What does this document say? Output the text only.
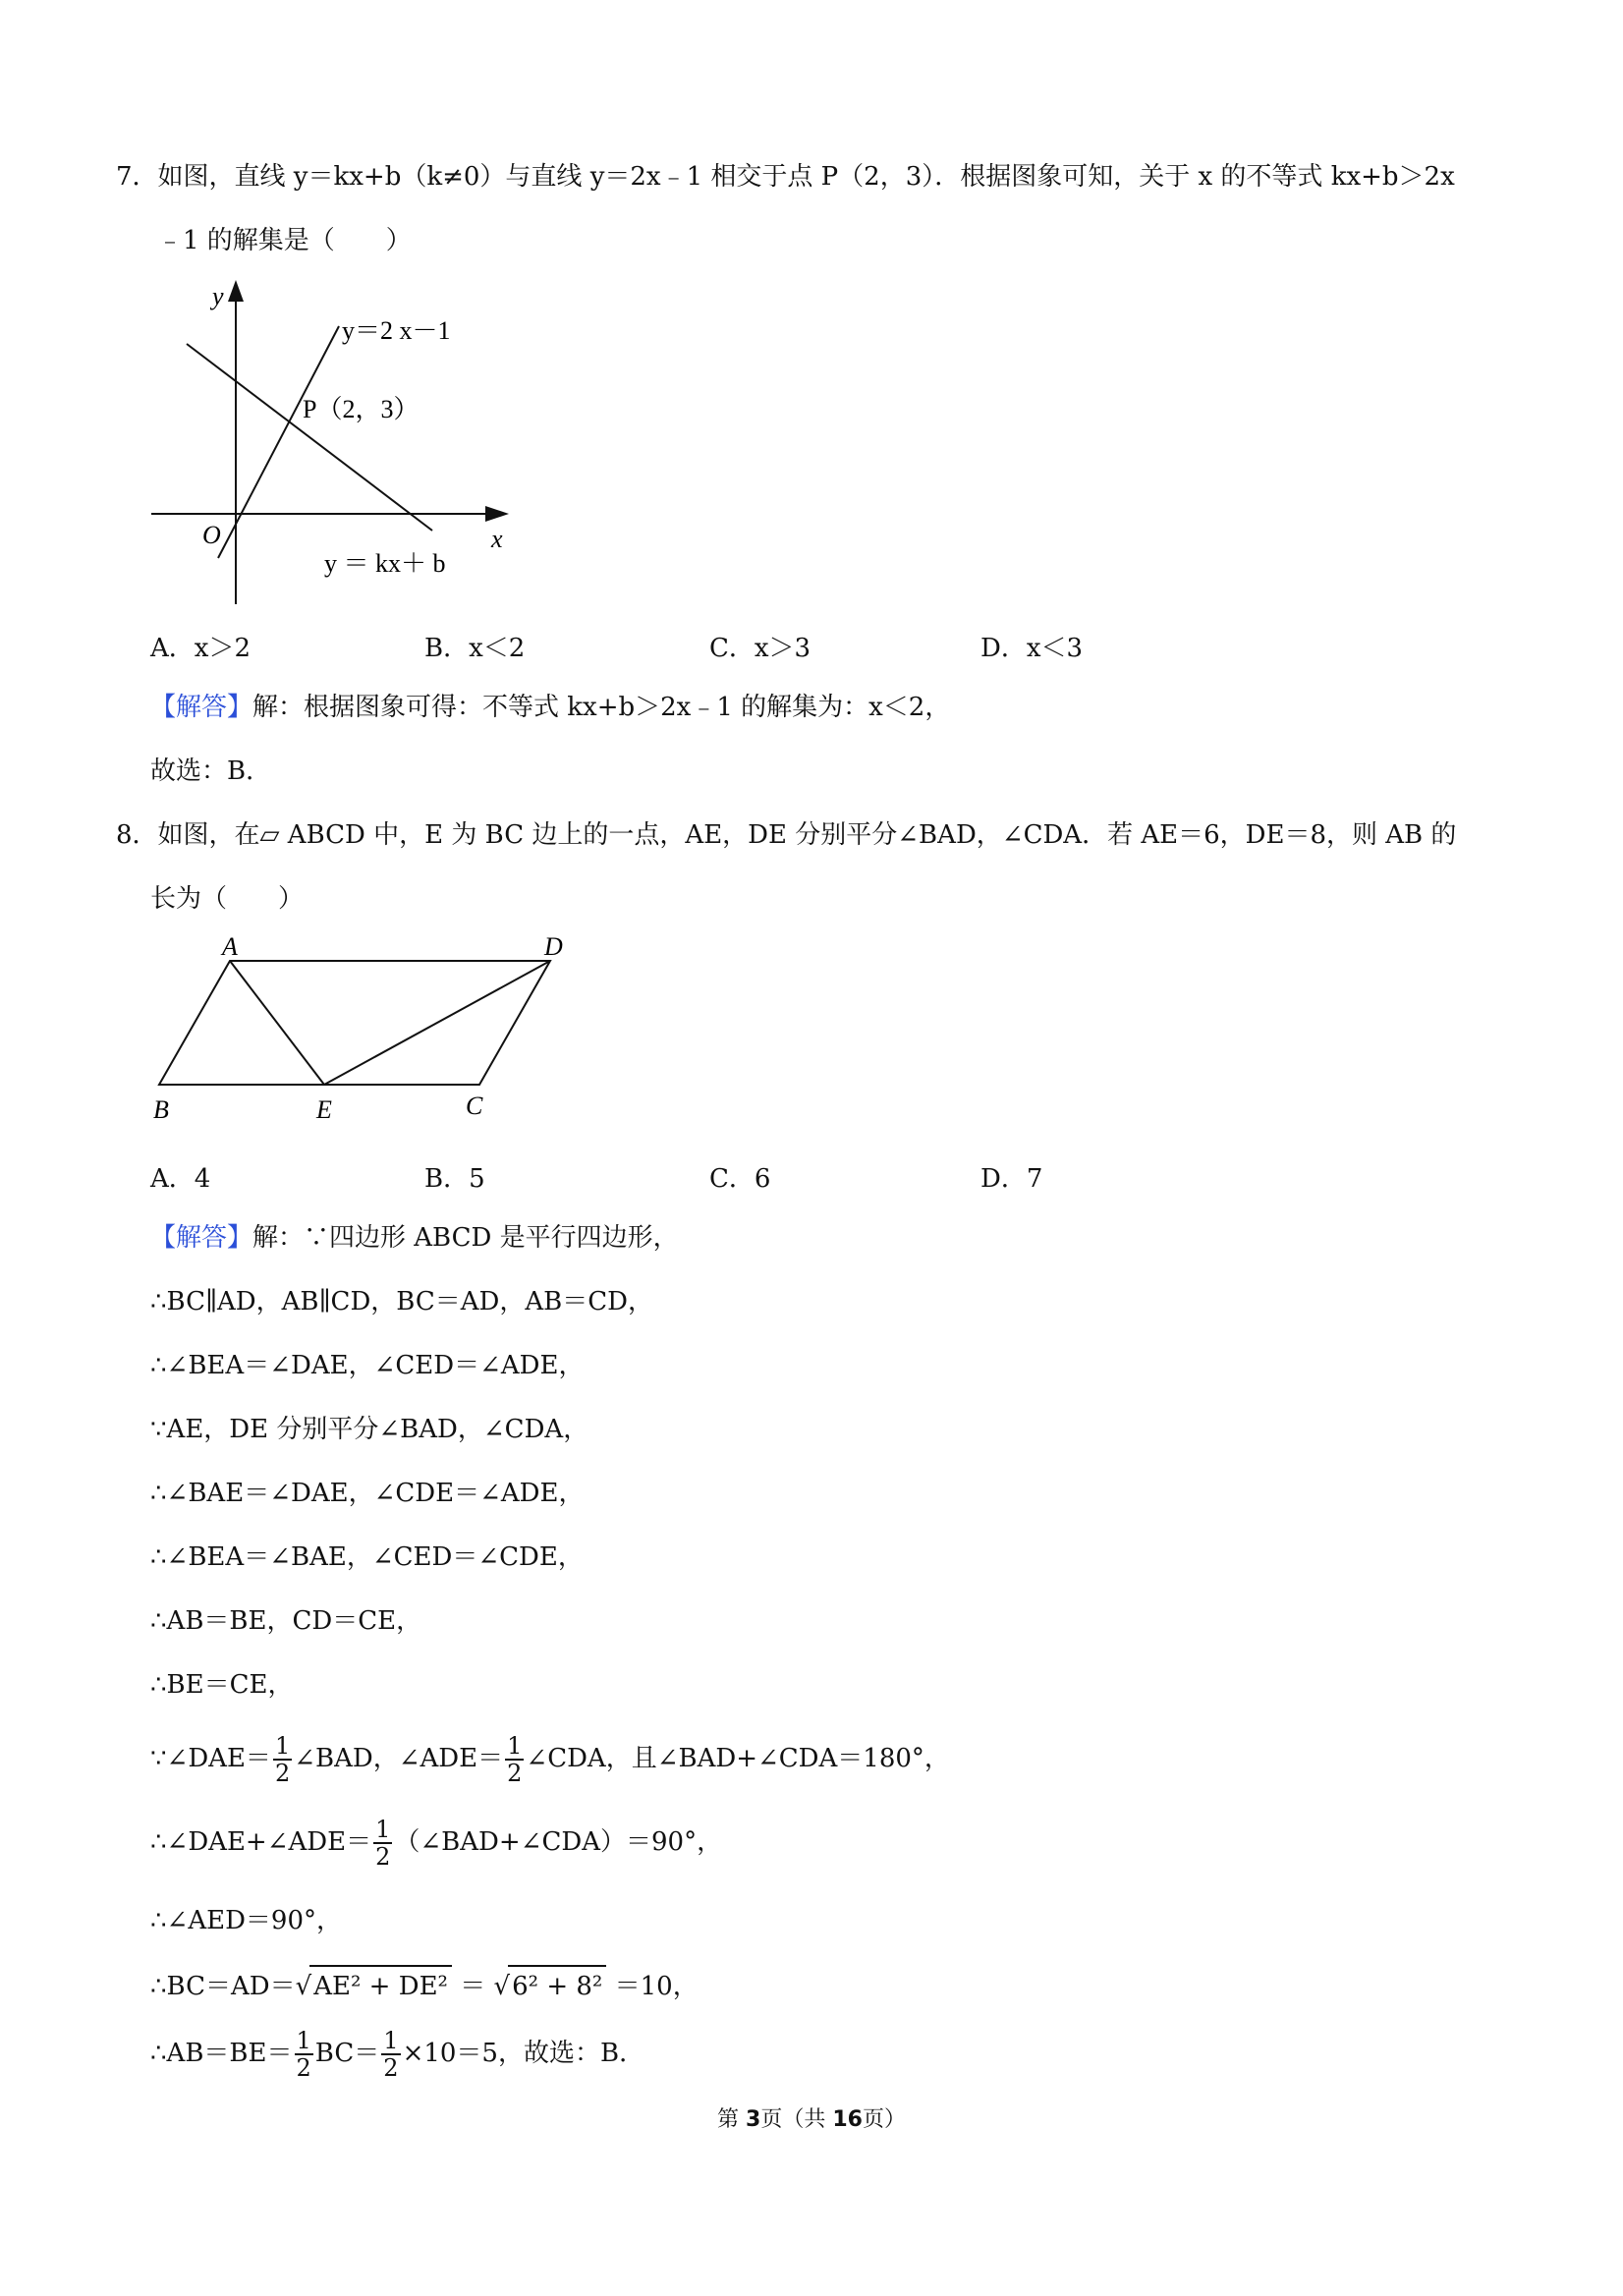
7．如图，直线 y＝kx+b（k≠0）与直线 y＝2x﹣1 相交于点 P（2，3）．根据图象可知，关于 x 的不等式 kx+b＞2x
﹣1 的解集是（　　）
y
x
O
y＝2 x－1
P（2，3）
y ＝ kx＋ b
A．x＞2	B．x＜2	C．x＞3	D．x＜3
【解答】解：根据图象可得：不等式 kx+b＞2x﹣1 的解集为：x＜2，
故选：B．
8．如图，在▱ ABCD 中，E 为 BC 边上的一点，AE，DE 分别平分∠BAD，∠CDA．若 AE＝6，DE＝8，则 AB 的
长为（　　）
A	D
B	E	C
A．4	B．5	C．6	D．7
【解答】解：∵四边形 ABCD 是平行四边形，
∴BC∥AD，AB∥CD，BC＝AD，AB＝CD，
∴∠BEA＝∠DAE，∠CED＝∠ADE，
∵AE，DE 分别平分∠BAD，∠CDA，
∴∠BAE＝∠DAE，∠CDE＝∠ADE，
∴∠BEA＝∠BAE，∠CED＝∠CDE，
∴AB＝BE，CD＝CE，
∴BE＝CE，
∵∠DAE＝ $\frac{1}{2}$ ∠BAD，∠ADE＝ $\frac{1}{2}$ ∠CDA，且∠BAD+∠CDA＝180°，
∴∠DAE+∠ADE＝ $\frac{1}{2}$ （∠BAD+∠CDA）＝90°，
∴∠AED＝90°，
∴BC＝AD＝√AE² + DE² ＝ √6² + 8² ＝10，
∴AB＝BE＝ $\frac{1}{2} BC= \frac{1}{2} \times 10=5$，故选：B．
第 3页（共 16页）
